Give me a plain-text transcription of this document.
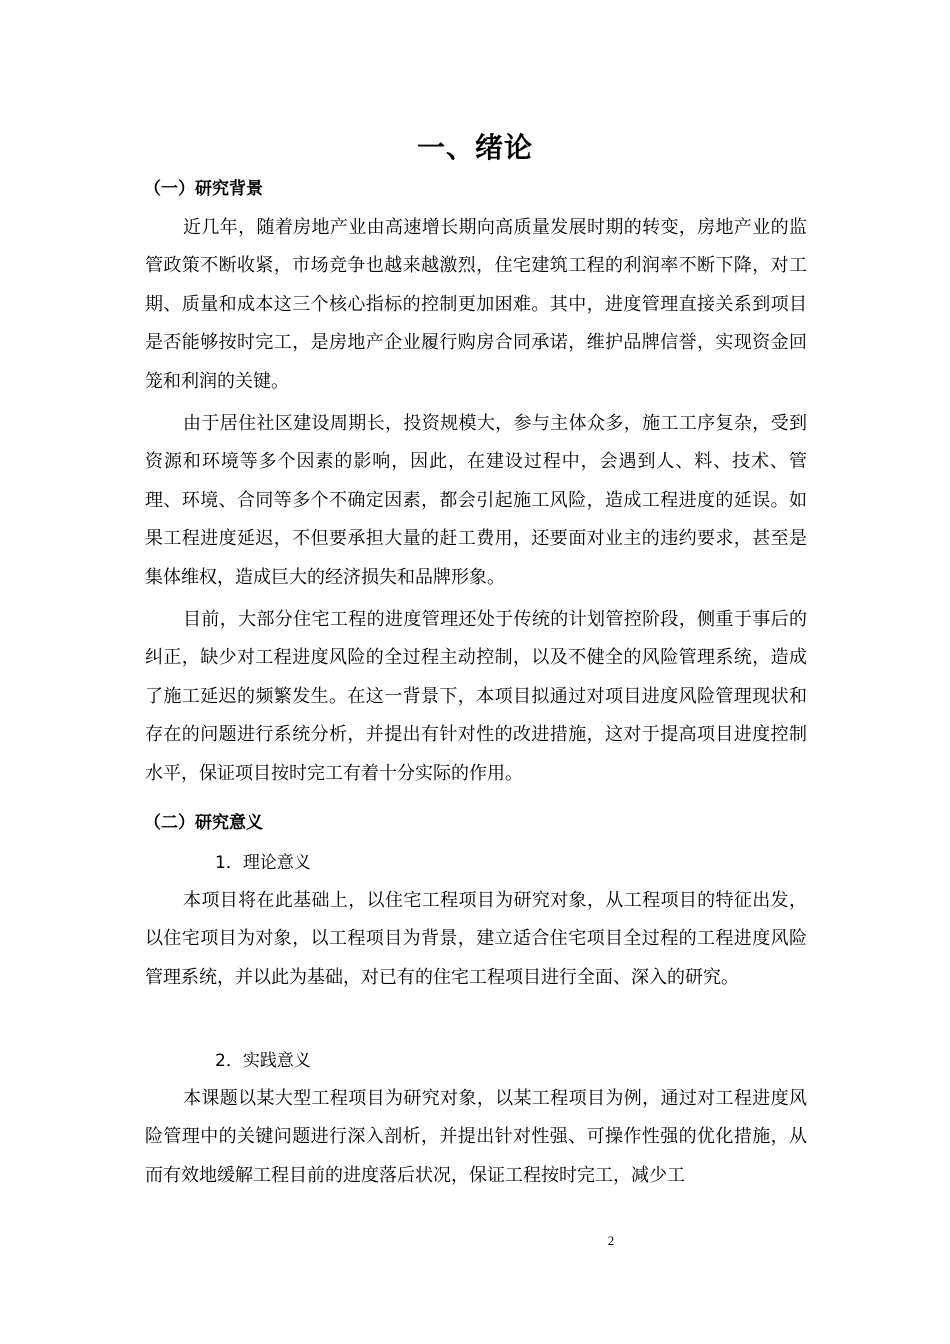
一、绪论
（一）研究背景

近几年，随着房地产业由高速增长期向高质量发展时期的转变，房地产业的监管政策不断收紧，市场竞争也越来越激烈，住宅建筑工程的利润率不断下降，对工期、质量和成本这三个核心指标的控制更加困难。其中，进度管理直接关系到项目是否能够按时完工，是房地产企业履行购房合同承诺，维护品牌信誉，实现资金回笼和利润的关键。

由于居住社区建设周期长，投资规模大，参与主体众多，施工工序复杂，受到资源和环境等多个因素的影响，因此，在建设过程中，会遇到人、料、技术、管理、环境、合同等多个不确定因素，都会引起施工风险，造成工程进度的延误。如果工程进度延迟，不但要承担大量的赶工费用，还要面对业主的违约要求，甚至是集体维权，造成巨大的经济损失和品牌形象。

目前，大部分住宅工程的进度管理还处于传统的计划管控阶段，侧重于事后的纠正，缺少对工程进度风险的全过程主动控制，以及不健全的风险管理系统，造成了施工延迟的频繁发生。在这一背景下，本项目拟通过对项目进度风险管理现状和存在的问题进行系统分析，并提出有针对性的改进措施，这对于提高项目进度控制水平，保证项目按时完工有着十分实际的作用。

（二）研究意义
1．理论意义

本项目将在此基础上，以住宅工程项目为研究对象，从工程项目的特征出发，以住宅项目为对象，以工程项目为背景，建立适合住宅项目全过程的工程进度风险管理系统，并以此为基础，对已有的住宅工程项目进行全面、深入的研究。

2．实践意义

本课题以某大型工程项目为研究对象，以某工程项目为例，通过对工程进度风险管理中的关键问题进行深入剖析，并提出针对性强、可操作性强的优化措施，从而有效地缓解工程目前的进度落后状况，保证工程按时完工，减少工

2
